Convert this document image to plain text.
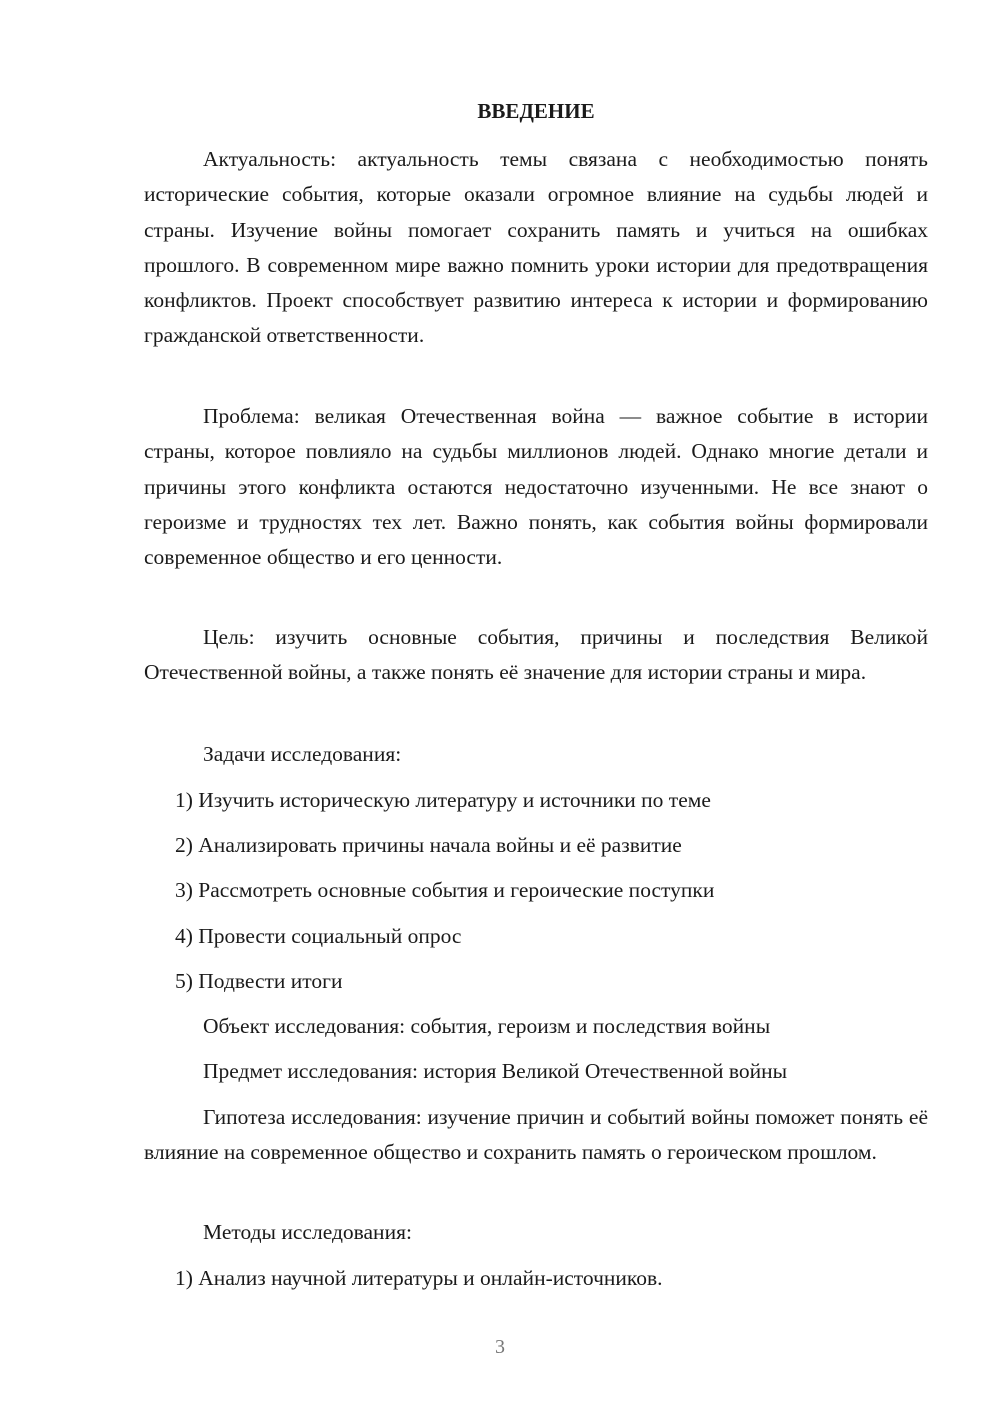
ВВЕДЕНИЕ

Актуальность: актуальность темы связана с необходимостью понять исторические события, которые оказали огромное влияние на судьбы людей и страны. Изучение войны помогает сохранить память и учиться на ошибках прошлого. В современном мире важно помнить уроки истории для предотвращения конфликтов. Проект способствует развитию интереса к истории и формированию гражданской ответственности.

Проблема: великая Отечественная война — важное событие в истории страны, которое повлияло на судьбы миллионов людей. Однако многие детали и причины этого конфликта остаются недостаточно изученными. Не все знают о героизме и трудностях тех лет. Важно понять, как события войны формировали современное общество и его ценности.

Цель: изучить основные события, причины и последствия Великой Отечественной войны, а также понять её значение для истории страны и мира.

Задачи исследования:

1) Изучить историческую литературу и источники по теме

2) Анализировать причины начала войны и её развитие

3) Рассмотреть основные события и героические поступки

4) Провести социальный опрос

5) Подвести итоги

Объект исследования: события, героизм и последствия войны

Предмет исследования: история Великой Отечественной войны

Гипотеза исследования: изучение причин и событий войны поможет понять её влияние на современное общество и сохранить память о героическом прошлом.

Методы исследования:

1) Анализ научной литературы и онлайн-источников.

3
